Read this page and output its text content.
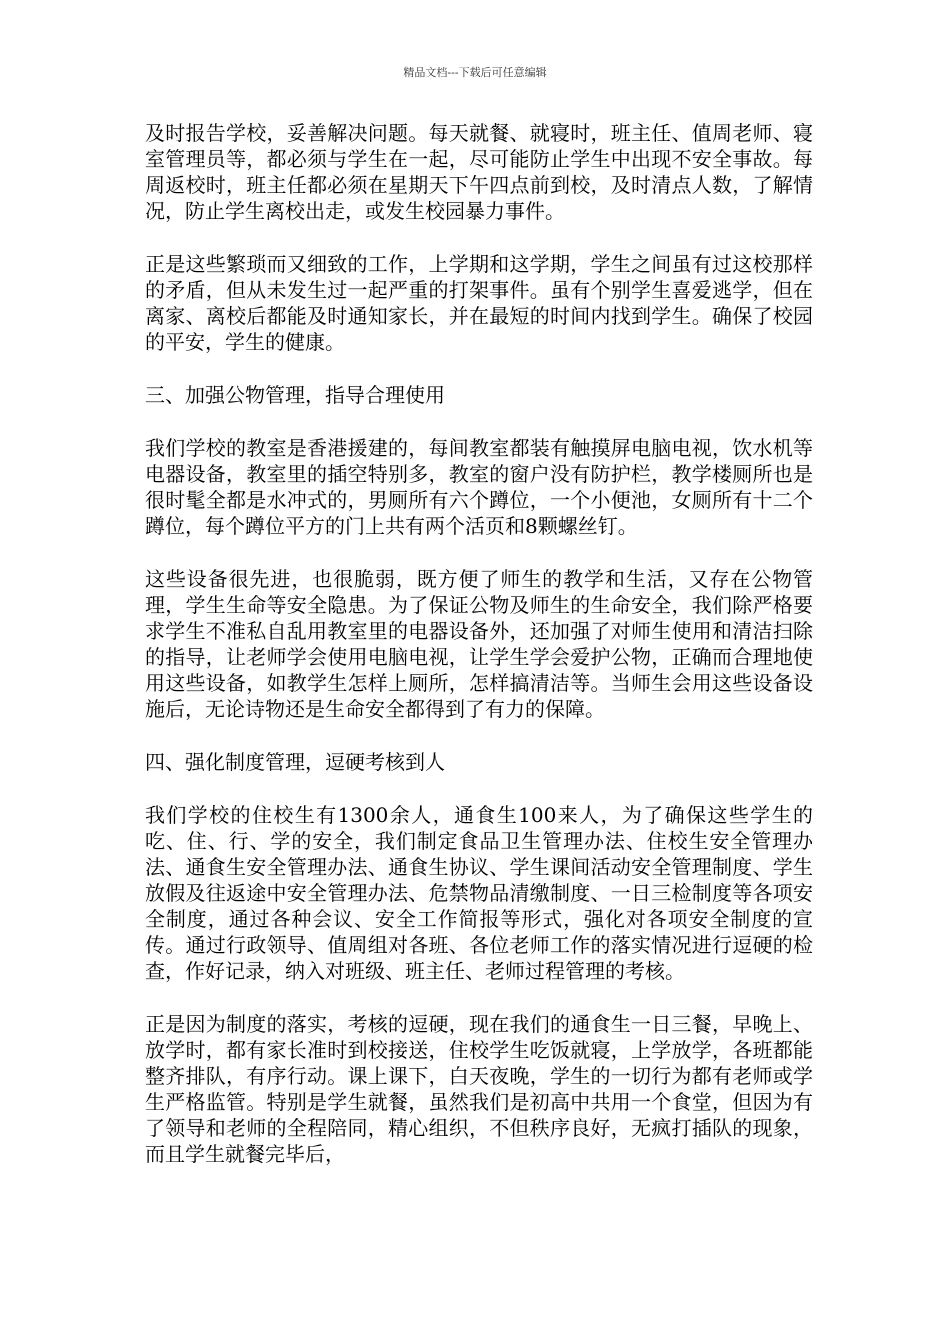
精品文档---下载后可任意编辑

及时报告学校，妥善解决问题。每天就餐、就寝时，班主任、值周老师、寝室管理员等，都必须与学生在一起，尽可能防止学生中出现不安全事故。每周返校时，班主任都必须在星期天下午四点前到校，及时清点人数，了解情况，防止学生离校出走，或发生校园暴力事件。

正是这些繁琐而又细致的工作，上学期和这学期，学生之间虽有过这校那样的矛盾，但从未发生过一起严重的打架事件。虽有个别学生喜爱逃学，但在离家、离校后都能及时通知家长，并在最短的时间内找到学生。确保了校园的平安，学生的健康。

三、加强公物管理，指导合理使用

我们学校的教室是香港援建的，每间教室都装有触摸屏电脑电视，饮水机等电器设备，教室里的插空特别多，教室的窗户没有防护栏，教学楼厕所也是很时髦全都是水冲式的，男厕所有六个蹲位，一个小便池，女厕所有十二个蹲位，每个蹲位平方的门上共有两个活页和8颗螺丝钉。

这些设备很先进，也很脆弱，既方便了师生的教学和生活，又存在公物管理，学生生命等安全隐患。为了保证公物及师生的生命安全，我们除严格要求学生不准私自乱用教室里的电器设备外，还加强了对师生使用和清洁扫除的指导，让老师学会使用电脑电视，让学生学会爱护公物，正确而合理地使用这些设备，如教学生怎样上厕所，怎样搞清洁等。当师生会用这些设备设施后，无论诗物还是生命安全都得到了有力的保障。

四、强化制度管理，逗硬考核到人

我们学校的住校生有1300余人，通食生100来人，为了确保这些学生的吃、住、行、学的安全，我们制定食品卫生管理办法、住校生安全管理办法、通食生安全管理办法、通食生协议、学生课间活动安全管理制度、学生放假及往返途中安全管理办法、危禁物品清缴制度、一日三检制度等各项安全制度，通过各种会议、安全工作简报等形式，强化对各项安全制度的宣传。通过行政领导、值周组对各班、各位老师工作的落实情况进行逗硬的检查，作好记录，纳入对班级、班主任、老师过程管理的考核。

正是因为制度的落实，考核的逗硬，现在我们的通食生一日三餐，早晚上、放学时，都有家长准时到校接送，住校学生吃饭就寝，上学放学，各班都能整齐排队，有序行动。课上课下，白天夜晚，学生的一切行为都有老师或学生严格监管。特别是学生就餐，虽然我们是初高中共用一个食堂，但因为有了领导和老师的全程陪同，精心组织，不但秩序良好，无疯打插队的现象，而且学生就餐完毕后，
